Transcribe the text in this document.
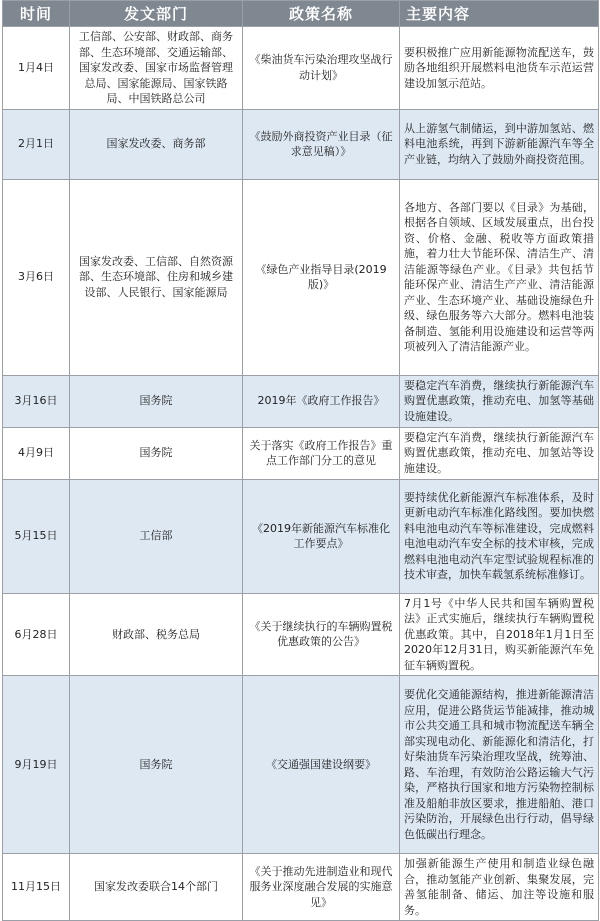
时间	发文部门	政策名称	主要内容
1月4日	工信部、公安部、财政部、商务部、生态环境部、交通运输部、国家发改委、国家市场监督管理总局、国家能源局、国家铁路局、中国铁路总公司	《柴油货车污染治理攻坚战行动计划》	要积极推广应用新能源物流配送车，鼓励各地组织开展燃料电池货车示范运营建设加氢示范站。
2月1日	国家发改委、商务部	《鼓励外商投资产业目录（征求意见稿）》	从上游氢气制储运，到中游加氢站、燃料电池系统，再到下游新能源汽车等全产业链，均纳入了鼓励外商投资范围。
3月6日	国家发改委、工信部、自然资源部、生态环境部、住房和城乡建设部、人民银行、国家能源局	《绿色产业指导目录(2019版)》	各地方、各部门要以《目录》为基础，根据各自领域、区域发展重点，出台投资、价格、金融、税收等方面政策措施，着力壮大节能环保、清洁生产、清洁能源等绿色产业。《目录》共包括节能环保产业、清洁生产产业、清洁能源产业、生态环境产业、基础设施绿色升级、绿色服务等六大部分。燃料电池装备制造、氢能利用设施建设和运营等两项被列入了清洁能源产业。
3月16日	国务院	2019年《政府工作报告》	要稳定汽车消费，继续执行新能源汽车购置优惠政策，推动充电、加氢等基础设施建设。
4月9日	国务院	关于落实《政府工作报告》重点工作部门分工的意见	要稳定汽车消费，继续执行新能源汽车购置优惠政策，推动充电、加氢站等设施建设。
5月15日	工信部	《2019年新能源汽车标准化工作要点》	要持续优化新能源汽车标准体系，及时更新电动汽车标准化路线图。要加快燃料电池电动汽车等标准建设，完成燃料电池电动汽车安全标的技术审核，完成燃料电池电动汽车定型试验规程标准的技术审查，加快车载氢系统标准修订。
6月28日	财政部、税务总局	《关于继续执行的车辆购置税优惠政策的公告》	7月1号《中华人民共和国车辆购置税法》正式实施后，继续执行车辆购置税优惠政策。其中，自2018年1月1日至2020年12月31日，购买新能源汽车免征车辆购置税。
9月19日	国务院	《交通强国建设纲要》	要优化交通能源结构，推进新能源清洁应用，促进公路货运节能减排，推动城市公共交通工具和城市物流配送车辆全部实现电动化、新能源化和清洁化，打好柴油货车污染治理攻坚战，统筹油、路、车治理，有效防治公路运输大气污染，严格执行国家和地方污染物控制标准及船舶非放区要求，推进船舶、港口污染防治，开展绿色出行行动，倡导绿色低碳出行理念。
11月15日	国家发改委联合14个部门	《关于推动先进制造业和现代服务业深度融合发展的实施意见》	加强新能源生产使用和制造业绿色融合，推动氢能产业创新、集聚发展，完善氢能制备、储运、加注等设施和服务。
